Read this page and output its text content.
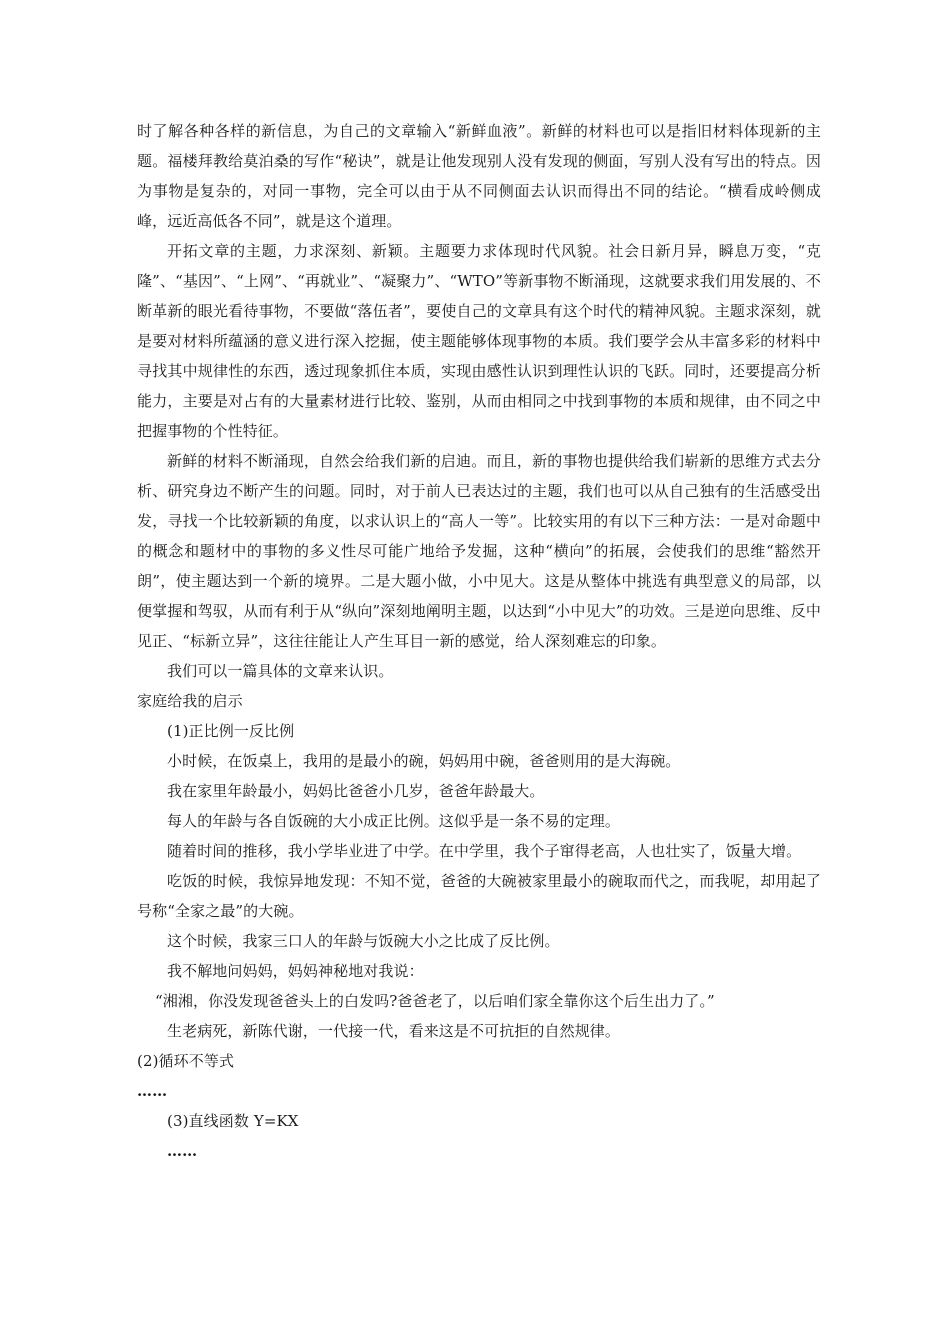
时了解各种各样的新信息，为自己的文章输入“新鲜血液”。新鲜的材料也可以是指旧材料体现新的主题。福楼拜教给莫泊桑的写作“秘诀”，就是让他发现别人没有发现的侧面，写别人没有写出的特点。因为事物是复杂的，对同一事物，完全可以由于从不同侧面去认识而得出不同的结论。“横看成岭侧成峰，远近高低各不同”，就是这个道理。

开拓文章的主题，力求深刻、新颖。主题要力求体现时代风貌。社会日新月异，瞬息万变，“克隆”、“基因”、“上网”、“再就业”、“凝聚力”、“WTO”等新事物不断涌现，这就要求我们用发展的、不断革新的眼光看待事物，不要做“落伍者”，要使自己的文章具有这个时代的精神风貌。主题求深刻，就是要对材料所蕴涵的意义进行深入挖掘，使主题能够体现事物的本质。我们要学会从丰富多彩的材料中寻找其中规律性的东西，透过现象抓住本质，实现由感性认识到理性认识的飞跃。同时，还要提高分析能力，主要是对占有的大量素材进行比较、鉴别，从而由相同之中找到事物的本质和规律，由不同之中把握事物的个性特征。

新鲜的材料不断涌现，自然会给我们新的启迪。而且，新的事物也提供给我们崭新的思维方式去分析、研究身边不断产生的问题。同时，对于前人已表达过的主题，我们也可以从自己独有的生活感受出发，寻找一个比较新颖的角度，以求认识上的“高人一等”。比较实用的有以下三种方法：一是对命题中的概念和题材中的事物的多义性尽可能广地给予发掘，这种“横向”的拓展，会使我们的思维“豁然开朗”，使主题达到一个新的境界。二是大题小做，小中见大。这是从整体中挑选有典型意义的局部，以便掌握和驾驭，从而有利于从“纵向”深刻地阐明主题，以达到“小中见大”的功效。三是逆向思维、反中见正、“标新立异”，这往往能让人产生耳目一新的感觉，给人深刻难忘的印象。

我们可以一篇具体的文章来认识。

家庭给我的启示

(1)正比例一反比例

小时候，在饭桌上，我用的是最小的碗，妈妈用中碗，爸爸则用的是大海碗。

我在家里年龄最小，妈妈比爸爸小几岁，爸爸年龄最大。

每人的年龄与各自饭碗的大小成正比例。这似乎是一条不易的定理。

随着时间的推移，我小学毕业进了中学。在中学里，我个子窜得老高，人也壮实了，饭量大增。

吃饭的时候，我惊异地发现：不知不觉，爸爸的大碗被家里最小的碗取而代之，而我呢，却用起了号称“全家之最”的大碗。

这个时候，我家三口人的年龄与饭碗大小之比成了反比例。

我不解地问妈妈，妈妈神秘地对我说：

“湘湘，你没发现爸爸头上的白发吗?爸爸老了，以后咱们家全靠你这个后生出力了。”

生老病死，新陈代谢，一代接一代，看来这是不可抗拒的自然规律。

(2)循环不等式

……

(3)直线函数 Y=KX

……
